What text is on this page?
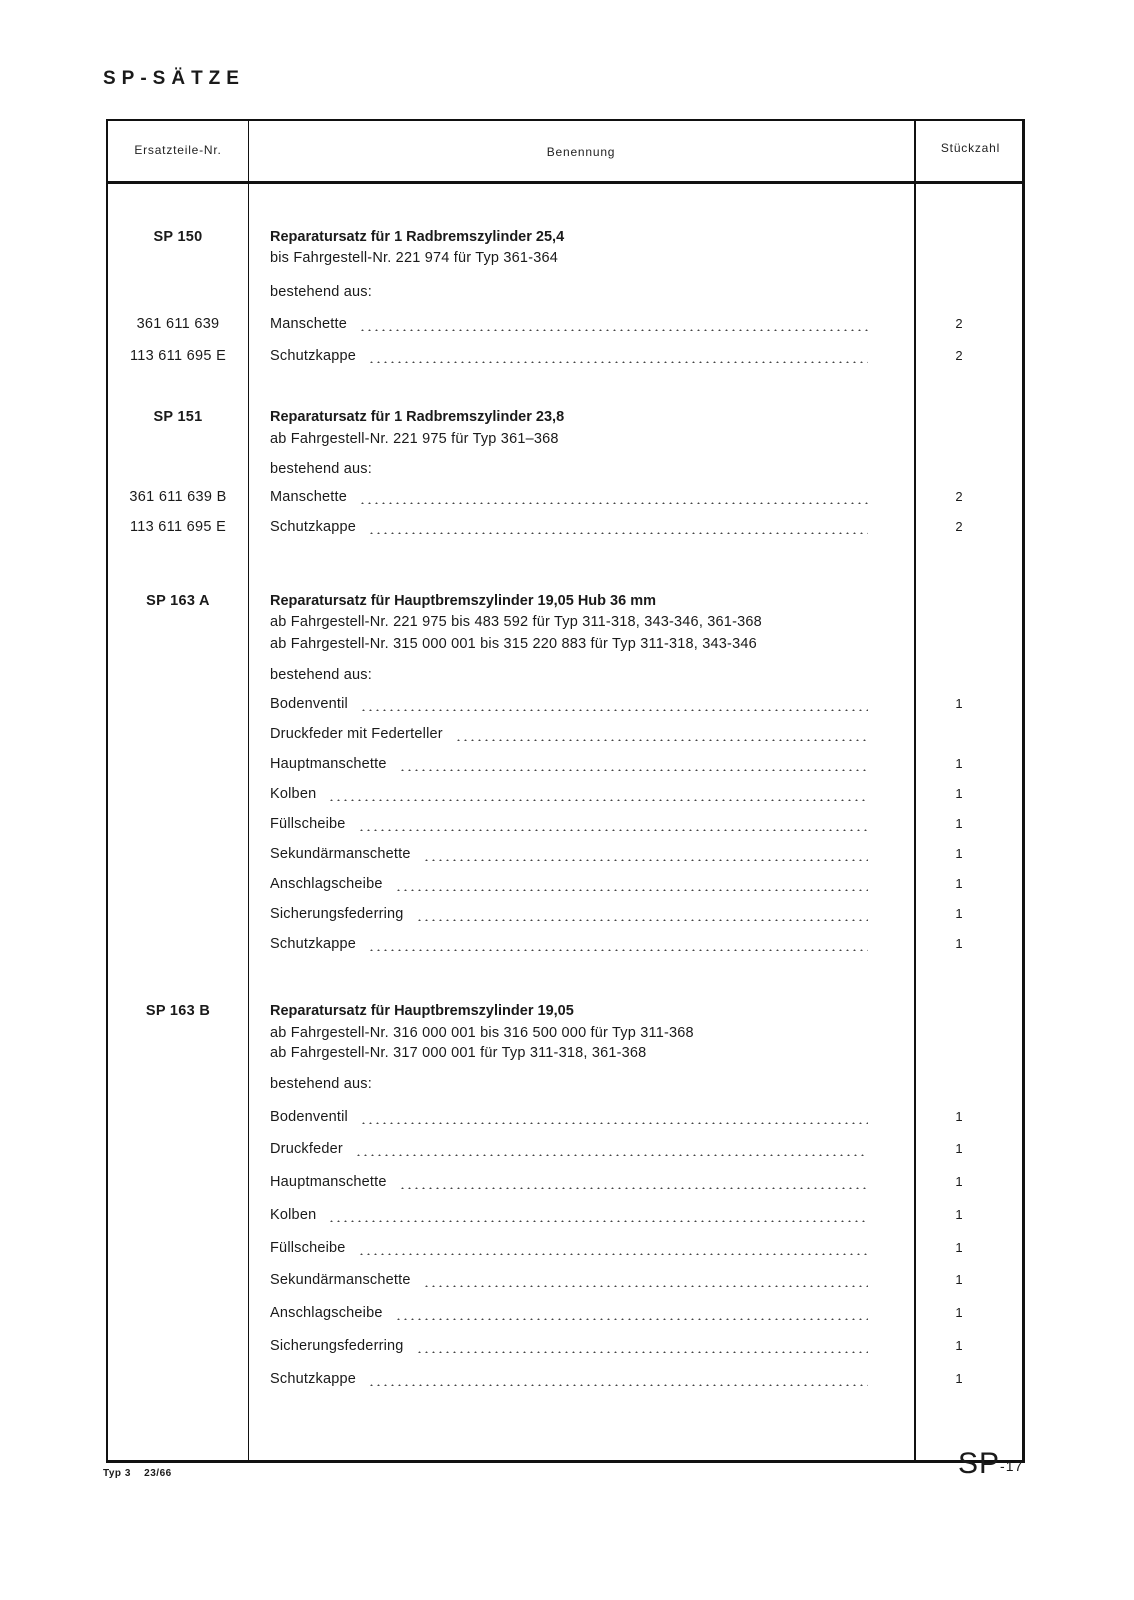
SP-SÄTZE
Ersatzteile-Nr.	Benennung	Stückzahl
SP 150	Reparatursatz für 1 Radbremszylinder 25,4
bis Fahrgestell-Nr. 221 974 für Typ 361-364
bestehend aus:
361 611 639	Manschette	2
113 611 695 E	Schutzkappe	2
SP 151	Reparatursatz für 1 Radbremszylinder 23,8
ab Fahrgestell-Nr. 221 975 für Typ 361–368
bestehend aus:
361 611 639 B	Manschette	2
113 611 695 E	Schutzkappe	2
SP 163 A	Reparatursatz für Hauptbremszylinder 19,05 Hub 36 mm
ab Fahrgestell-Nr. 221 975 bis 483 592 für Typ 311-318, 343-346, 361-368
ab Fahrgestell-Nr. 315 000 001 bis 315 220 883 für Typ 311-318, 343-346
bestehend aus:
Bodenventil	1
Druckfeder mit Federteller
Hauptmanschette	1
Kolben	1
Füllscheibe	1
Sekundärmanschette	1
Anschlagscheibe	1
Sicherungsfederring	1
Schutzkappe	1
SP 163 B	Reparatursatz für Hauptbremszylinder 19,05
ab Fahrgestell-Nr. 316 000 001 bis 316 500 000 für Typ 311-368
ab Fahrgestell-Nr. 317 000 001 für Typ 311-318, 361-368
bestehend aus:
Bodenventil	1
Druckfeder	1
Hauptmanschette	1
Kolben	1
Füllscheibe	1
Sekundärmanschette	1
Anschlagscheibe	1
Sicherungsfederring	1
Schutzkappe	1
Typ 3 23/66	SP-17
